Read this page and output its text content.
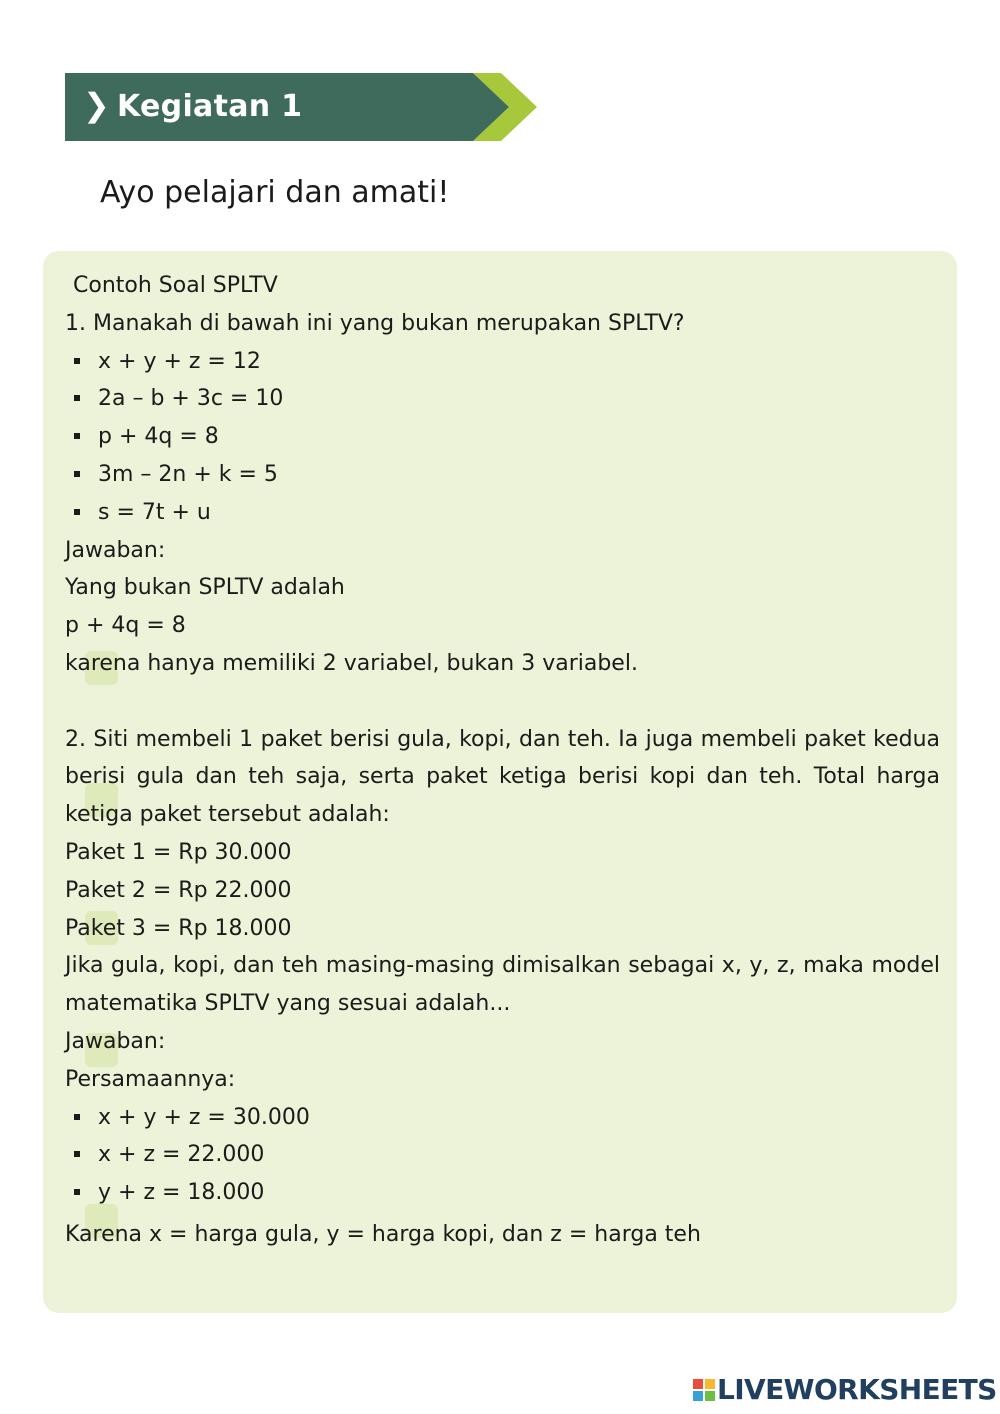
❯ Kegiatan 1
Ayo pelajari dan amati!

Contoh Soal SPLTV

1. Manakah di bawah ini yang bukan merupakan SPLTV?

x + y + z = 12
2a – b + 3c = 10
p + 4q = 8
3m – 2n + k = 5
s = 7t + u

Jawaban:

Yang bukan SPLTV adalah

p + 4q = 8

karena hanya memiliki 2 variabel, bukan 3 variabel.

2. Siti membeli 1 paket berisi gula, kopi, dan teh. Ia juga membeli paket kedua berisi gula dan teh saja, serta paket ketiga berisi kopi dan teh. Total harga ketiga paket tersebut adalah:

Paket 1 = Rp 30.000

Paket 2 = Rp 22.000

Paket 3 = Rp 18.000

Jika gula, kopi, dan teh masing-masing dimisalkan sebagai x, y, z, maka model matematika SPLTV yang sesuai adalah...

Jawaban:

Persamaannya:

x + y + z = 30.000
x + z = 22.000
y + z = 18.000

Karena x = harga gula, y = harga kopi, dan z = harga teh

LIVEWORKSHEETS
